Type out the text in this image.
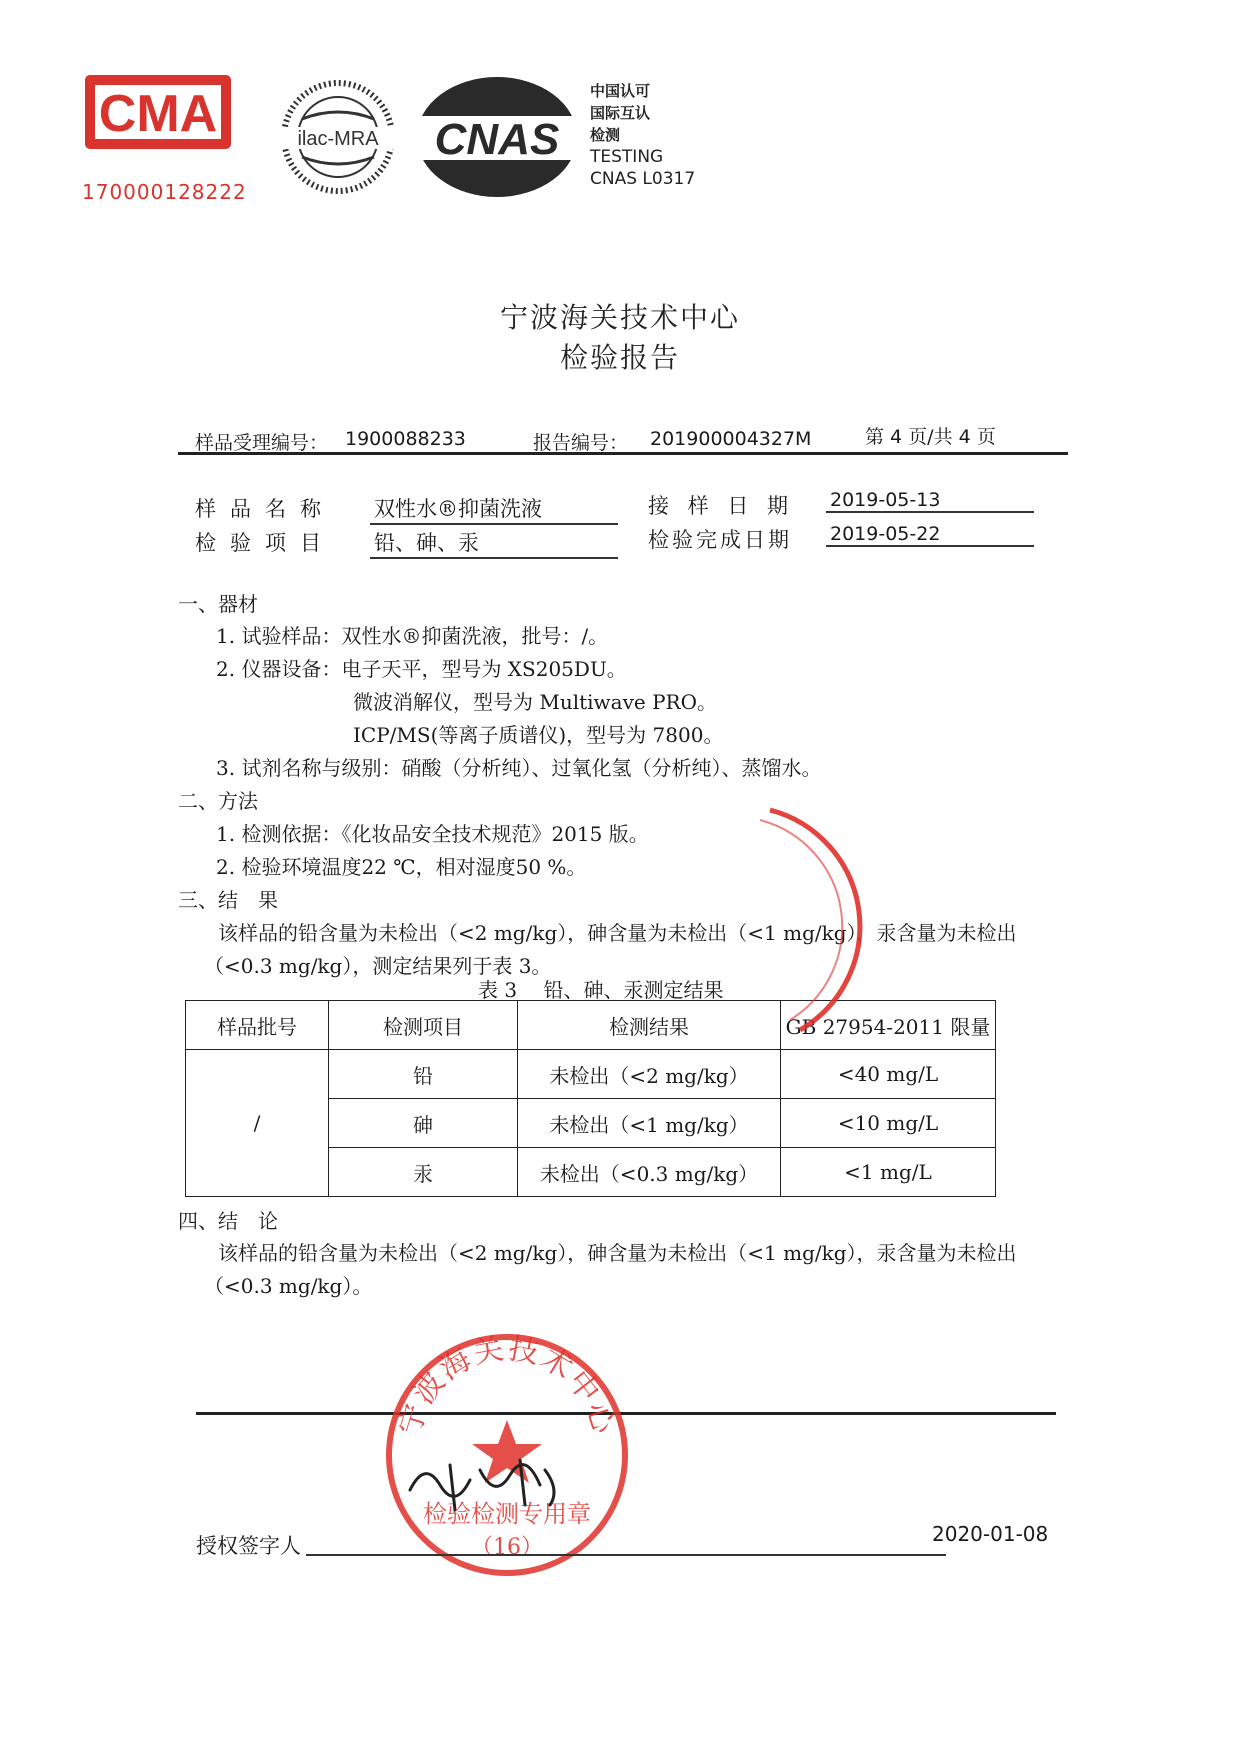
CMA
170000128222
ilac-MRA CNAS
中国认可
国际互认
检测
TESTING
CNAS L0317
宁波海关技术中心
检验报告
样品受理编号： 1900088233	报告编号： 201900004327M	第 4 页/共 4 页
样品名称 双性水®抑菌洗液
检验项目 铅、砷、汞
接 样 日 期 2019-05-13
检验完成日期 2019-05-22
一、器材
1. 试验样品：双性水®抑菌洗液，批号：/。
2. 仪器设备：电子天平，型号为 XS205DU。
微波消解仪，型号为 Multiwave PRO。
ICP/MS(等离子质谱仪)，型号为 7800。
3. 试剂名称与级别：硝酸（分析纯）、过氧化氢（分析纯）、蒸馏水。
二、方法
1. 检测依据：《化妆品安全技术规范》2015 版。
2. 检验环境温度22 ℃，相对湿度50 %。
三、结　果
该样品的铅含量为未检出（<2 mg/kg），砷含量为未检出（<1 mg/kg），汞含量为未检出
（<0.3 mg/kg），测定结果列于表 3。
表 3　 铅、砷、汞测定结果
样品批号	检测项目	检测结果	GB 27954-2011 限量
/	铅	未检出（<2 mg/kg）	<40 mg/L
	砷	未检出（<1 mg/kg）	<10 mg/L
	汞	未检出（<0.3 mg/kg）	<1 mg/L
四、结　论
该样品的铅含量为未检出（<2 mg/kg），砷含量为未检出（<1 mg/kg），汞含量为未检出
（<0.3 mg/kg）。
宁波海关技术中心
检验检测专用章
（16）
授权签字人	2020-01-08
